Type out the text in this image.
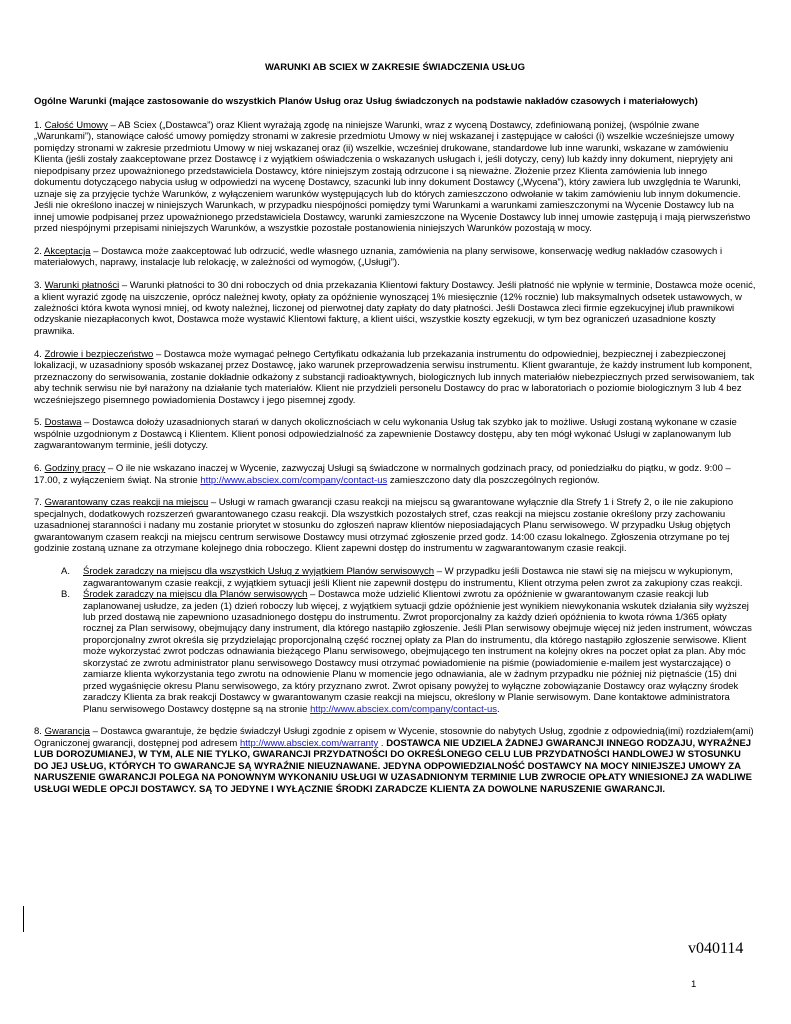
WARUNKI AB SCIEX W ZAKRESIE ŚWIADCZENIA USŁUG
Ogólne Warunki (mające zastosowanie do wszystkich Planów Usług oraz Usług świadczonych na podstawie nakładów czasowych i materiałowych)

1. Całość Umowy – AB Sciex („Dostawca”) oraz Klient wyrażają zgodę na niniejsze Warunki, wraz z wyceną Dostawcy, zdefiniowaną poniżej, (wspólnie zwane „Warunkami”), stanowiące całość umowy pomiędzy stronami w zakresie przedmiotu Umowy w niej wskazanej i zastępujące w całości (i) wszelkie wcześniejsze umowy pomiędzy stronami w zakresie przedmiotu Umowy w niej wskazanej oraz (ii) wszelkie, wcześniej drukowane, standardowe lub inne warunki, wskazane w zamówieniu Klienta (jeśli zostały zaakceptowane przez Dostawcę i z wyjątkiem oświadczenia o wskazanych usługach i, jeśli dotyczy, ceny) lub każdy inny dokument, niepryjęty ani niepodpisany przez upoważnionego przedstawiciela Dostawcy, które niniejszym zostają odrzucone i są nieważne. Złożenie przez Klienta zamówienia lub innego dokumentu dotyczącego nabycia usług w odpowiedzi na wycenę Dostawcy, szacunki lub inny dokument Dostawcy („Wycena”), który zawiera lub uwzględnia te Warunki, uznaje się za przyjęcie tychże Warunków, z wyłączeniem warunków występujących lub do których zamieszczono odwołanie w takim zamówieniu lub innym dokumencie. Jeśli nie określono inaczej w niniejszych Warunkach, w przypadku niespójności pomiędzy tymi Warunkami a warunkami zamieszczonymi na Wycenie Dostawcy lub na innej umowie podpisanej przez upoważnionego przedstawiciela Dostawcy, warunki zamieszczone na Wycenie Dostawcy lub innej umowie zastępują i mają pierwszeństwo przed niespójnymi przepisami niniejszych Warunków, a wszystkie pozostałe postanowienia niniejszych Warunków pozostają w mocy.

2. Akceptacja – Dostawca może zaakceptować lub odrzucić, wedle własnego uznania, zamówienia na plany serwisowe, konserwację według nakładów czasowych i materiałowych, naprawy, instalacje lub relokację, w zależności od wymogów, („Usługi”).

3. Warunki płatności – Warunki płatności to 30 dni roboczych od dnia przekazania Klientowi faktury Dostawcy. Jeśli płatność nie wpłynie w terminie, Dostawca może ocenić, a klient wyrazić zgodę na uiszczenie, oprócz należnej kwoty, opłaty za opóźnienie wynoszącej 1% miesięcznie (12% rocznie) lub maksymalnych odsetek ustawowych, w zależności która kwota wynosi mniej, od kwoty należnej, liczonej od pierwotnej daty zapłaty do daty płatności. Jeśli Dostawca zleci firmie egzekucyjnej i/lub prawnikowi odzyskanie niezapłaconych kwot, Dostawca może wystawić Klientowi fakturę, a klient uiści, wszystkie koszty egzekucji, w tym bez ograniczeń uzasadnione koszty prawnika.

4. Zdrowie i bezpieczeństwo – Dostawca może wymagać pełnego Certyfikatu odkażania lub przekazania instrumentu do odpowiedniej, bezpiecznej i zabezpieczonej lokalizacji, w uzasadniony sposób wskazanej przez Dostawcę, jako warunek przeprowadzenia serwisu instrumentu. Klient gwarantuje, że każdy instrument lub komponent, przeznaczony do serwisowania, zostanie dokładnie odkażony z substancji radioaktywnych, biologicznych lub innych materiałów niebezpiecznych przed serwisowaniem, tak aby technik serwisu nie był narażony na działanie tych materiałów. Klient nie przydzieli personelu Dostawcy do prac w laboratoriach o poziomie biologicznym 3 lub 4 bez wcześniejszego pisemnego powiadomienia Dostawcy i jego pisemnej zgody.

5. Dostawa – Dostawca dołoży uzasadnionych starań w danych okolicznościach w celu wykonania Usług tak szybko jak to możliwe. Usługi zostaną wykonane w czasie wspólnie uzgodnionym z Dostawcą i Klientem. Klient ponosi odpowiedzialność za zapewnienie Dostawcy dostępu, aby ten mógł wykonać Usługi w zaplanowanym lub zagwarantowanym terminie, jeśli dotyczy.

6. Godziny pracy – O ile nie wskazano inaczej w Wycenie, zazwyczaj Usługi są świadczone w normalnych godzinach pracy, od poniedziałku do piątku, w godz. 9:00 – 17.00, z wyłączeniem świąt. Na stronie http://www.absciex.com/company/contact-us zamieszczono daty dla poszczególnych regionów.

7. Gwarantowany czas reakcji na miejscu – Usługi w ramach gwarancji czasu reakcji na miejscu są gwarantowane wyłącznie dla Strefy 1 i Strefy 2, o ile nie zakupiono specjalnych, dodatkowych rozszerzeń gwarantowanego czasu reakcji. Dla wszystkich pozostałych stref, czas reakcji na miejscu zostanie określony przy zachowaniu uzasadnionej staranności i nadany mu zostanie priorytet w stosunku do zgłoszeń napraw klientów nieposiadających Planu serwisowego. W przypadku Usług objętych gwarantowanym czasem reakcji na miejscu centrum serwisowe Dostawcy musi otrzymać zgłoszenie przed godz. 14:00 czasu lokalnego. Zgłoszenia otrzymane po tej godzinie zostaną uznane za otrzymane kolejnego dnia roboczego. Klient zapewni dostęp do instrumentu w zagwarantowanym czasie reakcji.

A.	Środek zaradczy na miejscu dla wszystkich Usług z wyjątkiem Planów serwisowych – W przypadku jeśli Dostawca nie stawi się na miejscu w wykupionym, zagwarantowanym czasie reakcji, z wyjątkiem sytuacji jeśli Klient nie zapewnił dostępu do instrumentu, Klient otrzyma pełen zwrot za zakupiony czas reakcji.
B.	Środek zaradczy na miejscu dla Planów serwisowych – Dostawca może udzielić Klientowi zwrotu za opóźnienie w gwarantowanym czasie reakcji lub zaplanowanej usłudze, za jeden (1) dzień roboczy lub więcej, z wyjątkiem sytuacji gdzie opóźnienie jest wynikiem niewykonania wskutek działania siły wyższej lub przed dostawą nie zapewniono uzasadnionego dostępu do instrumentu. Zwrot proporcjonalny za każdy dzień opóźnienia to kwota równa 1/365 opłaty rocznej za Plan serwisowy, obejmujący dany instrument, dla którego nastąpiło zgłoszenie. Jeśli Plan serwisowy obejmuje więcej niż jeden instrument, wówczas proporcjonalny zwrot określa się przydzielając proporcjonalną część rocznej opłaty za Plan do instrumentu, dla którego nastąpiło zgłoszenie serwisowe. Klient może wykorzystać zwrot podczas odnawiania bieżącego Planu serwisowego, obejmującego ten instrument na kolejny okres na poczet opłat za plan. Aby móc skorzystać ze zwrotu administrator planu serwisowego Dostawcy musi otrzymać powiadomienie na piśmie (powiadomienie e-mailem jest wystarczające) o zamiarze klienta wykorzystania tego zwrotu na odnowienie Planu w momencie jego odnawiania, ale w żadnym przypadku nie później niż piętnaście (15) dni przed wygaśnięcie okresu Planu serwisowego, za który przyznano zwrot. Zwrot opisany powyżej to wyłączne zobowiązanie Dostawcy oraz wyłączny środek zaradczy Klienta za brak reakcji Dostawcy w gwarantowanym czasie reakcji na miejscu, określony w Planie serwisowym. Dane kontaktowe administratora Planu serwisowego Dostawcy dostępne są na stronie http://www.absciex.com/company/contact-us.

8. Gwarancja – Dostawca gwarantuje, że będzie świadczył Usługi zgodnie z opisem w Wycenie, stosownie do nabytych Usług, zgodnie z odpowiednią(imi) rozdziałem(ami) Ograniczonej gwarancji, dostępnej pod adresem http://www.absciex.com/warranty . DOSTAWCA NIE UDZIELA ŻADNEJ GWARANCJI INNEGO RODZAJU, WYRAŹNEJ LUB DOROZUMIANEJ, W TYM, ALE NIE TYLKO, GWARANCJI PRZYDATNOŚCI DO OKREŚLONEGO CELU LUB PRZYDATNOŚCI HANDLOWEJ W STOSUNKU DO JEJ USŁUG, KTÓRYCH TO GWARANCJE SĄ WYRAŹNIE NIEUZNAWANE. JEDYNA ODPOWIEDZIALNOŚĆ DOSTAWCY NA MOCY NINIEJSZEJ UMOWY ZA NARUSZENIE GWARANCJI POLEGA NA PONOWNYM WYKONANIU USŁUGI W UZASADNIONYM TERMINIE LUB ZWROCIE OPŁATY WNIESIONEJ ZA WADLIWE USŁUGI WEDLE OPCJI DOSTAWCY. SĄ TO JEDYNE I WYŁĄCZNIE ŚRODKI ZARADCZE KLIENTA ZA DOWOLNE NARUSZENIE GWARANCJI.

v040114
1
